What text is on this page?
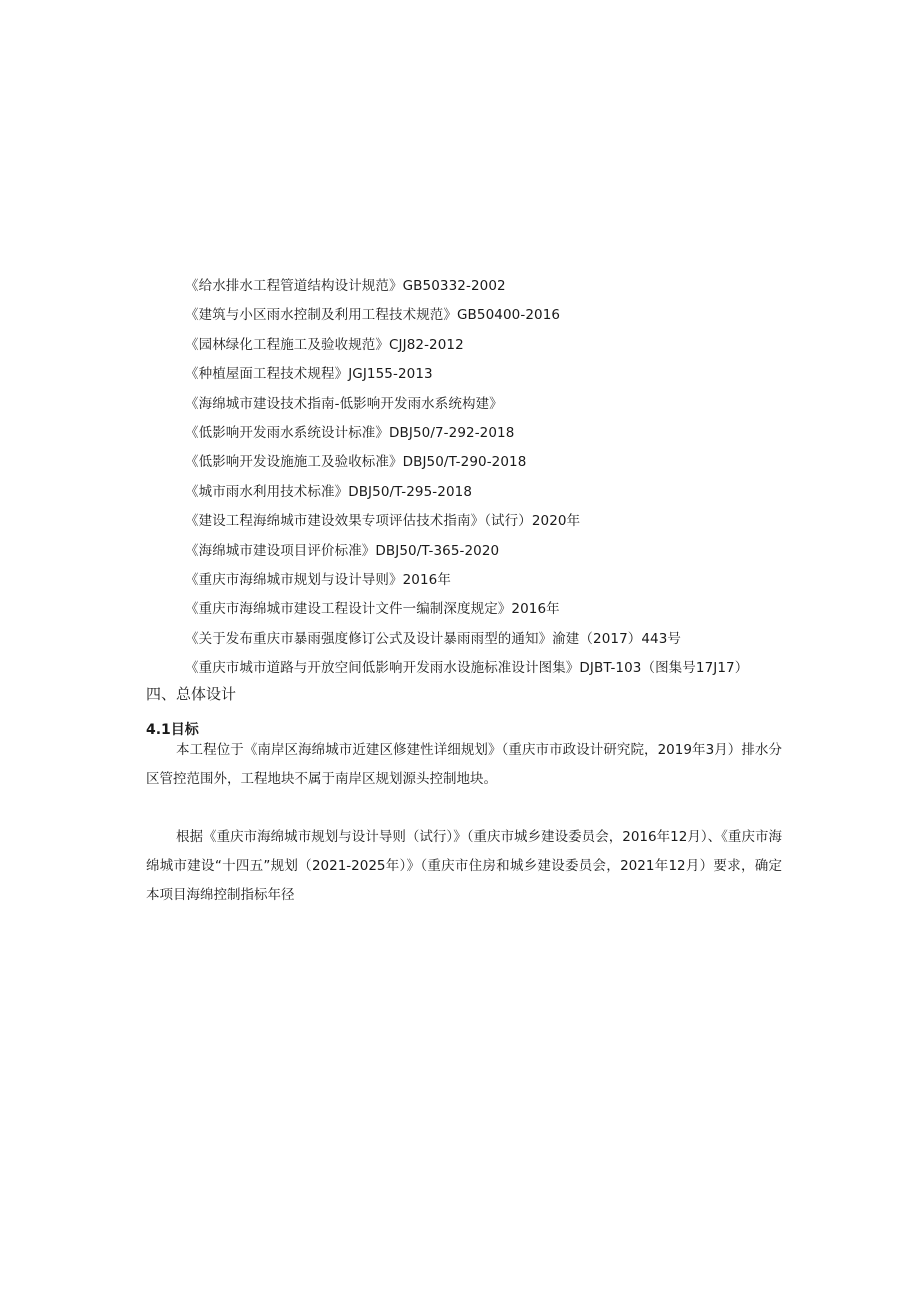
《给水排水工程管道结构设计规范》GB50332-2002
《建筑与小区雨水控制及利用工程技术规范》GB50400-2016
《园林绿化工程施工及验收规范》CJJ82-2012
《种植屋面工程技术规程》JGJ155-2013
《海绵城市建设技术指南-低影响开发雨水系统构建》
《低影响开发雨水系统设计标准》DBJ50/7-292-2018
《低影响开发设施施工及验收标准》DBJ50/T-290-2018
《城市雨水利用技术标准》DBJ50/T-295-2018
《建设工程海绵城市建设效果专项评估技术指南》（试行）2020年
《海绵城市建设项目评价标准》DBJ50/T-365-2020
《重庆市海绵城市规划与设计导则》2016年
《重庆市海绵城市建设工程设计文件一编制深度规定》2016年
《关于发布重庆市暴雨强度修订公式及设计暴雨雨型的通知》渝建（2017）443号
《重庆市城市道路与开放空间低影响开发雨水设施标准设计图集》DJBT-103（图集号17J17）
四、总体设计
4.1目标

本工程位于《南岸区海绵城市近建区修建性详细规划》（重庆市市政设计研究院，2019年3月）排水分区管控范围外，工程地块不属于南岸区规划源头控制地块。

根据《重庆市海绵城市规划与设计导则（试行）》（重庆市城乡建设委员会，2016年12月）、《重庆市海绵城市建设“十四五”规划（2021-2025年）》（重庆市住房和城乡建设委员会，2021年12月）要求，确定本项目海绵控制指标年径
